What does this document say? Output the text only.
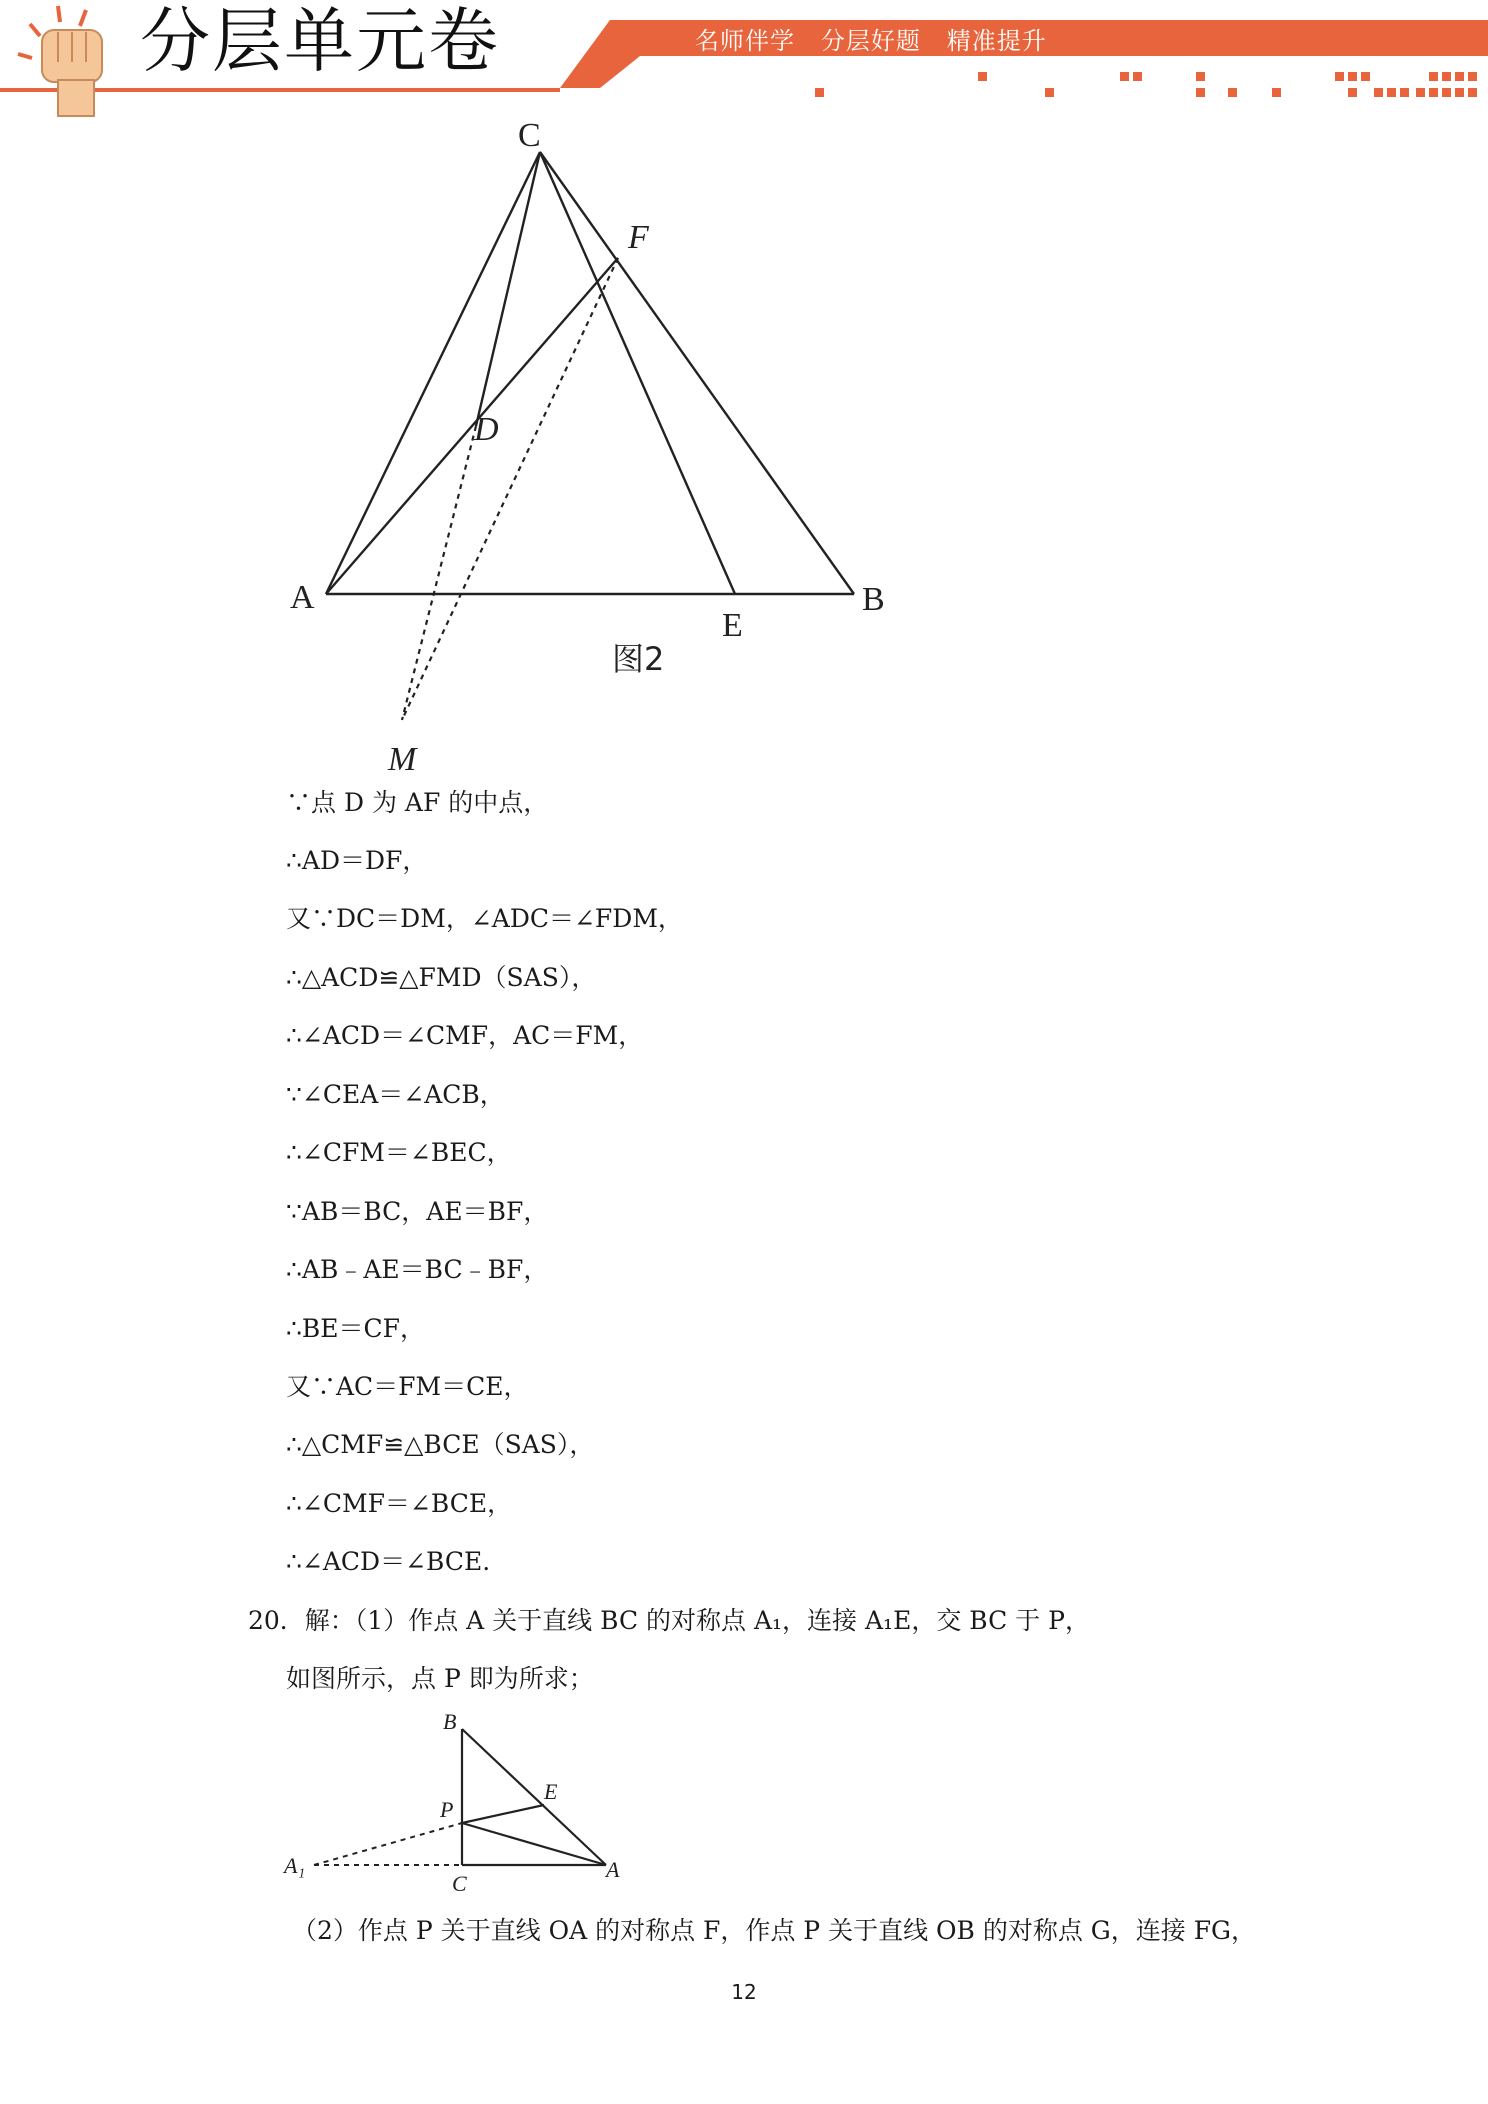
分层单元卷	名师伴学   分层好题   精准提升
C
F
D
A
E
B
M
图2
∵点 D 为 AF 的中点，
∴AD＝DF，
又∵DC＝DM，∠ADC＝∠FDM，
∴△ACD≌△FMD（SAS），
∴∠ACD＝∠CMF，AC＝FM，
∵∠CEA＝∠ACB，
∴∠CFM＝∠BEC，
∵AB＝BC，AE＝BF，
∴AB﹣AE＝BC﹣BF，
∴BE＝CF，
又∵AC＝FM＝CE，
∴△CMF≌△BCE（SAS），
∴∠CMF＝∠BCE，
∴∠ACD＝∠BCE.
20．解：（1）作点 A 关于直线 BC 的对称点 A₁，连接 A₁E，交 BC 于 P，
如图所示，点 P 即为所求；
B
E
P
A₁
C
A
（2）作点 P 关于直线 OA 的对称点 F，作点 P 关于直线 OB 的对称点 G，连接 FG，
12
